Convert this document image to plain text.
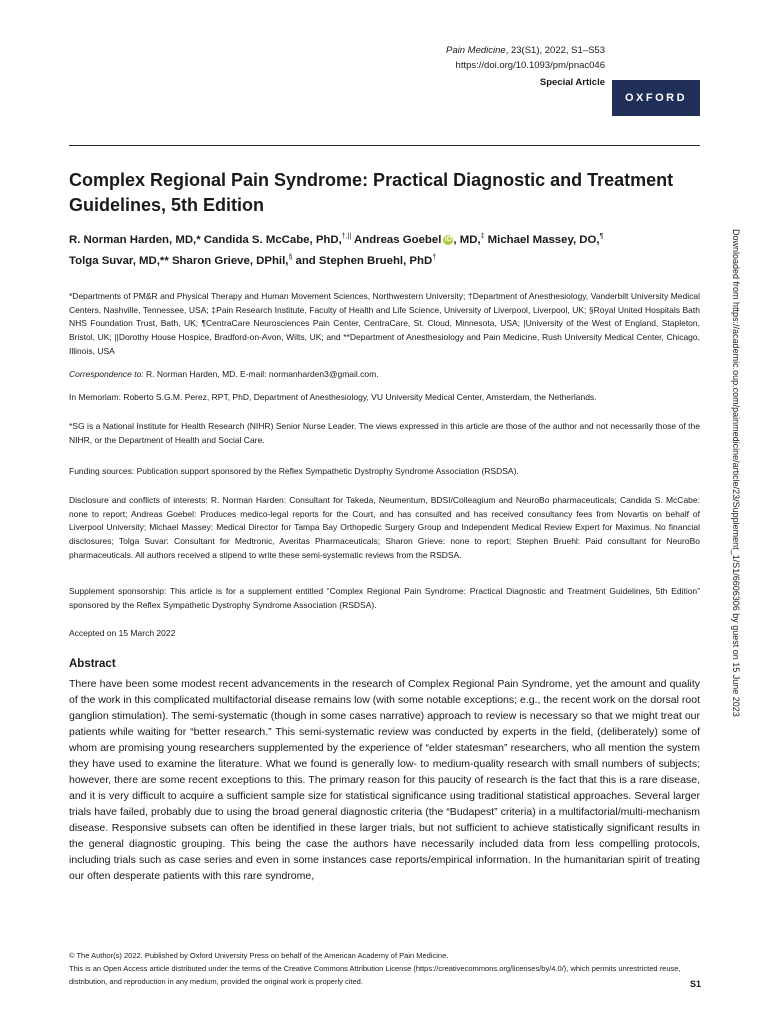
Pain Medicine, 23(S1), 2022, S1–S53
https://doi.org/10.1093/pm/pnac046
Special Article
OXFORD
Complex Regional Pain Syndrome: Practical Diagnostic and Treatment Guidelines, 5th Edition
R. Norman Harden, MD,* Candida S. McCabe, PhD,†,|| Andreas Goebel iD , MD,‡ Michael Massey, DO,¶
Tolga Suvar, MD,** Sharon Grieve, DPhil,§ and Stephen Bruehl, PhD†

*Departments of PM&R and Physical Therapy and Human Movement Sciences, Northwestern University; †Department of Anesthesiology, Vanderbilt University Medical Centers, Nashville, Tennessee, USA; ‡Pain Research Institute, Faculty of Health and Life Science, University of Liverpool, Liverpool, UK; §Royal United Hospitals Bath NHS Foundation Trust, Bath, UK; ¶CentraCare Neurosciences Pain Center, CentraCare, St. Cloud, Minnesota, USA; |University of the West of England, Stapleton, Bristol, UK; ||Dorothy House Hospice, Bradford-on-Avon, Wilts, UK; and **Department of Anesthesiology and Pain Medicine, Rush University Medical Center, Chicago, Illinois, USA

Correspondence to: R. Norman Harden, MD. E-mail: normanharden3@gmail.com.

In Memoriam: Roberto S.G.M. Perez, RPT, PhD, Department of Anesthesiology, VU University Medical Center, Amsterdam, the Netherlands.

*SG is a National Institute for Health Research (NIHR) Senior Nurse Leader. The views expressed in this article are those of the author and not necessarily those of the NIHR, or the Department of Health and Social Care.

Funding sources: Publication support sponsored by the Reflex Sympathetic Dystrophy Syndrome Association (RSDSA).

Disclosure and conflicts of interests: R. Norman Harden: Consultant for Takeda, Neumentum, BDSI/Colleagium and NeuroBo pharmaceuticals; Candida S. McCabe: none to report; Andreas Goebel: Produces medico-legal reports for the Court, and has consulted and has received consultancy fees from Novartis on behalf of Liverpool University; Michael Massey: Medical Director for Tampa Bay Orthopedic Surgery Group and Independent Medical Review Expert for Maximus. No financial disclosures; Tolga Suvar: Consultant for Medtronic, Averitas Pharmaceuticals; Sharon Grieve: none to report; Stephen Bruehl: Paid consultant for NeuroBo pharmaceuticals. All authors received a stipend to write these semi-systematic reviews from the RSDSA.

Supplement sponsorship: This article is for a supplement entitled “Complex Regional Pain Syndrome: Practical Diagnostic and Treatment Guidelines, 5th Edition” sponsored by the Reflex Sympathetic Dystrophy Syndrome Association (RSDSA).

Accepted on 15 March 2022

Abstract
There have been some modest recent advancements in the research of Complex Regional Pain Syndrome, yet the amount and quality of the work in this complicated multifactorial disease remains low (with some notable exceptions; e.g., the recent work on the dorsal root ganglion stimulation). The semi-systematic (though in some cases narrative) approach to review is necessary so that we might treat our patients while waiting for “better research.” This semi-systematic review was conducted by experts in the field, (deliberately) some of whom are promising young researchers supplemented by the experience of “elder statesman” researchers, who all mention the system they have used to examine the literature. What we found is generally low- to medium-quality research with small numbers of subjects; however, there are some recent exceptions to this. The primary reason for this paucity of research is the fact that this is a rare disease, and it is very difficult to acquire a sufficient sample size for statistical significance using traditional statistical approaches. Several larger trials have failed, probably due to using the broad general diagnostic criteria (the “Budapest” criteria) in a multifactorial/multi-mechanism disease. Responsive subsets can often be identified in these larger trials, but not sufficient to achieve statistically significant results in the general diagnostic grouping. This being the case the authors have necessarily included data from less compelling protocols, including trials such as case series and even in some instances case reports/empirical information. In the humanitarian spirit of treating our often desperate patients with this rare syndrome,
© The Author(s) 2022. Published by Oxford University Press on behalf of the American Academy of Pain Medicine.
This is an Open Access article distributed under the terms of the Creative Commons Attribution License (https://creativecommons.org/licenses/by/4.0/), which permits unrestricted reuse, distribution, and reproduction in any medium, provided the original work is properly cited.	S1
Downloaded from https://academic.oup.com/painmedicine/article/23/Supplement_1/S1/6606306 by guest on 15 June 2023
